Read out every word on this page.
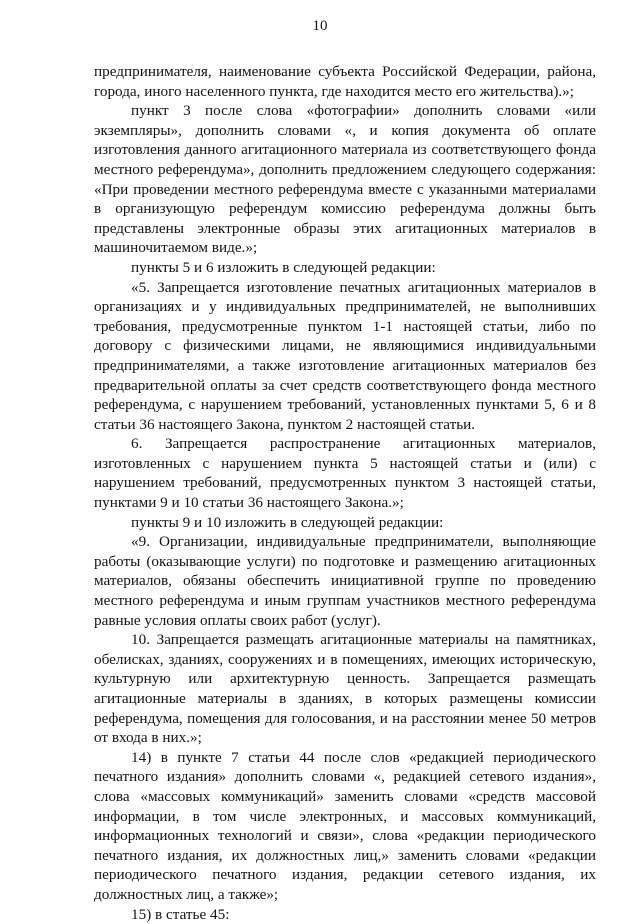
10

предпринимателя, наименование субъекта Российской Федерации, района, города, иного населенного пункта, где находится место его жительства).»;

пункт 3 после слова «фотографии» дополнить словами «или экземпляры», дополнить словами «, и копия документа об оплате изготовления данного агитационного материала из соответствующего фонда местного референдума», дополнить предложением следующего содержания: «При проведении местного референдума вместе с указанными материалами в организующую референдум комиссию референдума должны быть представлены электронные образы этих агитационных материалов в машиночитаемом виде.»;

пункты 5 и 6 изложить в следующей редакции:

«5. Запрещается изготовление печатных агитационных материалов в организациях и у индивидуальных предпринимателей, не выполнивших требования, предусмотренные пунктом 1-1 настоящей статьи, либо по договору с физическими лицами, не являющимися индивидуальными предпринимателями, а также изготовление агитационных материалов без предварительной оплаты за счет средств соответствующего фонда местного референдума, с нарушением требований, установленных пунктами 5, 6 и 8 статьи 36 настоящего Закона, пунктом 2 настоящей статьи.

6. Запрещается распространение агитационных материалов, изготовленных с нарушением пункта 5 настоящей статьи и (или) с нарушением требований, предусмотренных пунктом 3 настоящей статьи, пунктами 9 и 10 статьи 36 настоящего Закона.»;

пункты 9 и 10 изложить в следующей редакции:

«9. Организации, индивидуальные предприниматели, выполняющие работы (оказывающие услуги) по подготовке и размещению агитационных материалов, обязаны обеспечить инициативной группе по проведению местного референдума и иным группам участников местного референдума равные условия оплаты своих работ (услуг).

10. Запрещается размещать агитационные материалы на памятниках, обелисках, зданиях, сооружениях и в помещениях, имеющих историческую, культурную или архитектурную ценность. Запрещается размещать агитационные материалы в зданиях, в которых размещены комиссии референдума, помещения для голосования, и на расстоянии менее 50 метров от входа в них.»;

14) в пункте 7 статьи 44 после слов «редакцией периодического печатного издания» дополнить словами «, редакцией сетевого издания», слова «массовых коммуникаций» заменить словами «средств массовой информации, в том числе электронных, и массовых коммуникаций, информационных технологий и связи», слова «редакции периодического печатного издания, их должностных лиц,» заменить словами «редакции периодического печатного издания, редакции сетевого издания, их должностных лиц, а также»;

15) в статье 45:
